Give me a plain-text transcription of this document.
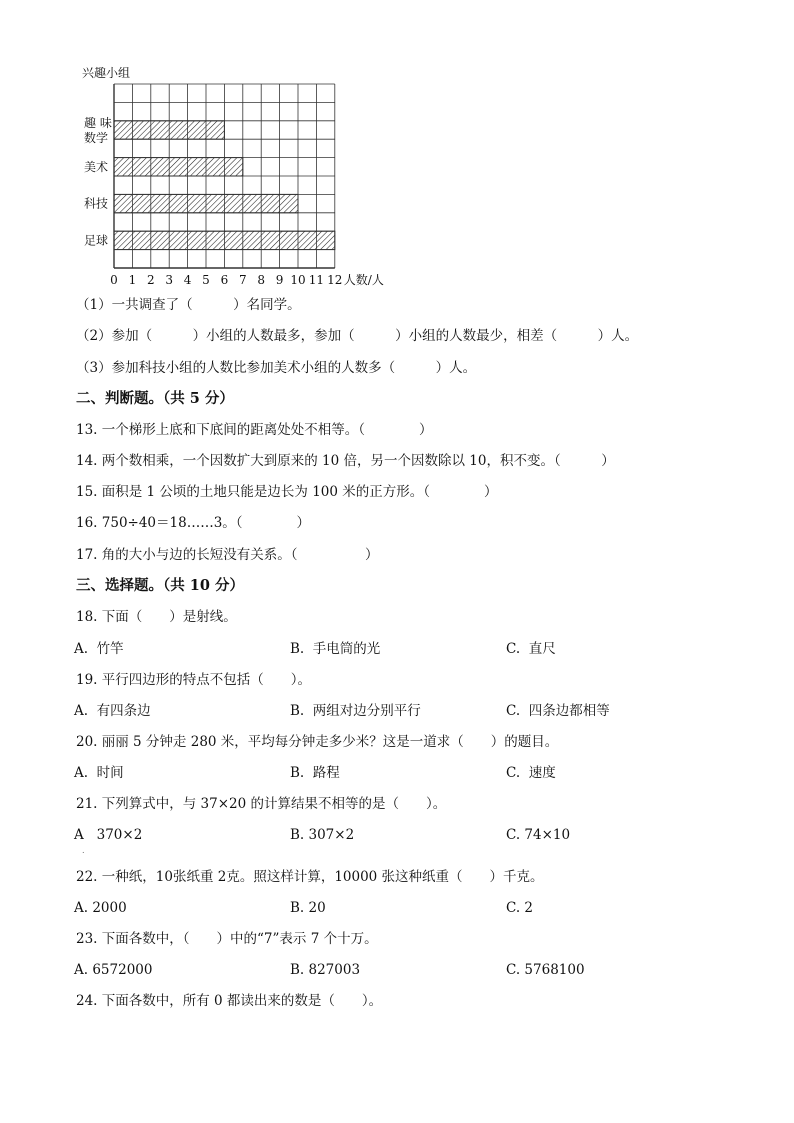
兴趣小组
趣 味
数学
美术
科技
足球
0 1 2 3 4 5 6 7 8 9 10 11 12 人数/人
（1）一共调查了（　　　）名同学。
（2）参加（　　　）小组的人数最多，参加（　　　）小组的人数最少，相差（　　　）人。
（3）参加科技小组的人数比参加美术小组的人数多（　　　）人。
二、判断题。（共 5 分）
13. 一个梯形上底和下底间的距离处处不相等。（　　　　）
14. 两个数相乘，一个因数扩大到原来的 10 倍，另一个因数除以 10，积不变。（　　　）
15. 面积是 1 公顷的土地只能是边长为 100 米的正方形。（　　　　）
16. 750÷40＝18……3。（　　　　）
17. 角的大小与边的长短没有关系。（　　　　　）
三、选择题。（共 10 分）
18. 下面（　　）是射线。
A.  竹竿	B.  手电筒的光	C.  直尺
19. 平行四边形的特点不包括（　　）。
A.  有四条边	B.  两组对边分别平行	C.  四条边都相等
20. 丽丽 5 分钟走 280 米，平均每分钟走多少米？这是一道求（　　）的题目。
A.  时间	B.  路程	C.  速度
21. 下列算式中，与 37×20 的计算结果不相等的是（　　）。
A   370×2	B. 307×2	C. 74×10
.
22. 一种纸，10张纸重 2克。照这样计算，10000 张这种纸重（　　）千克。
A. 2000	B. 20	C. 2
23. 下面各数中，（　　）中的“7”表示 7 个十万。
A. 6572000	B. 827003	C. 5768100
24. 下面各数中，所有 0 都读出来的数是（　　）。
